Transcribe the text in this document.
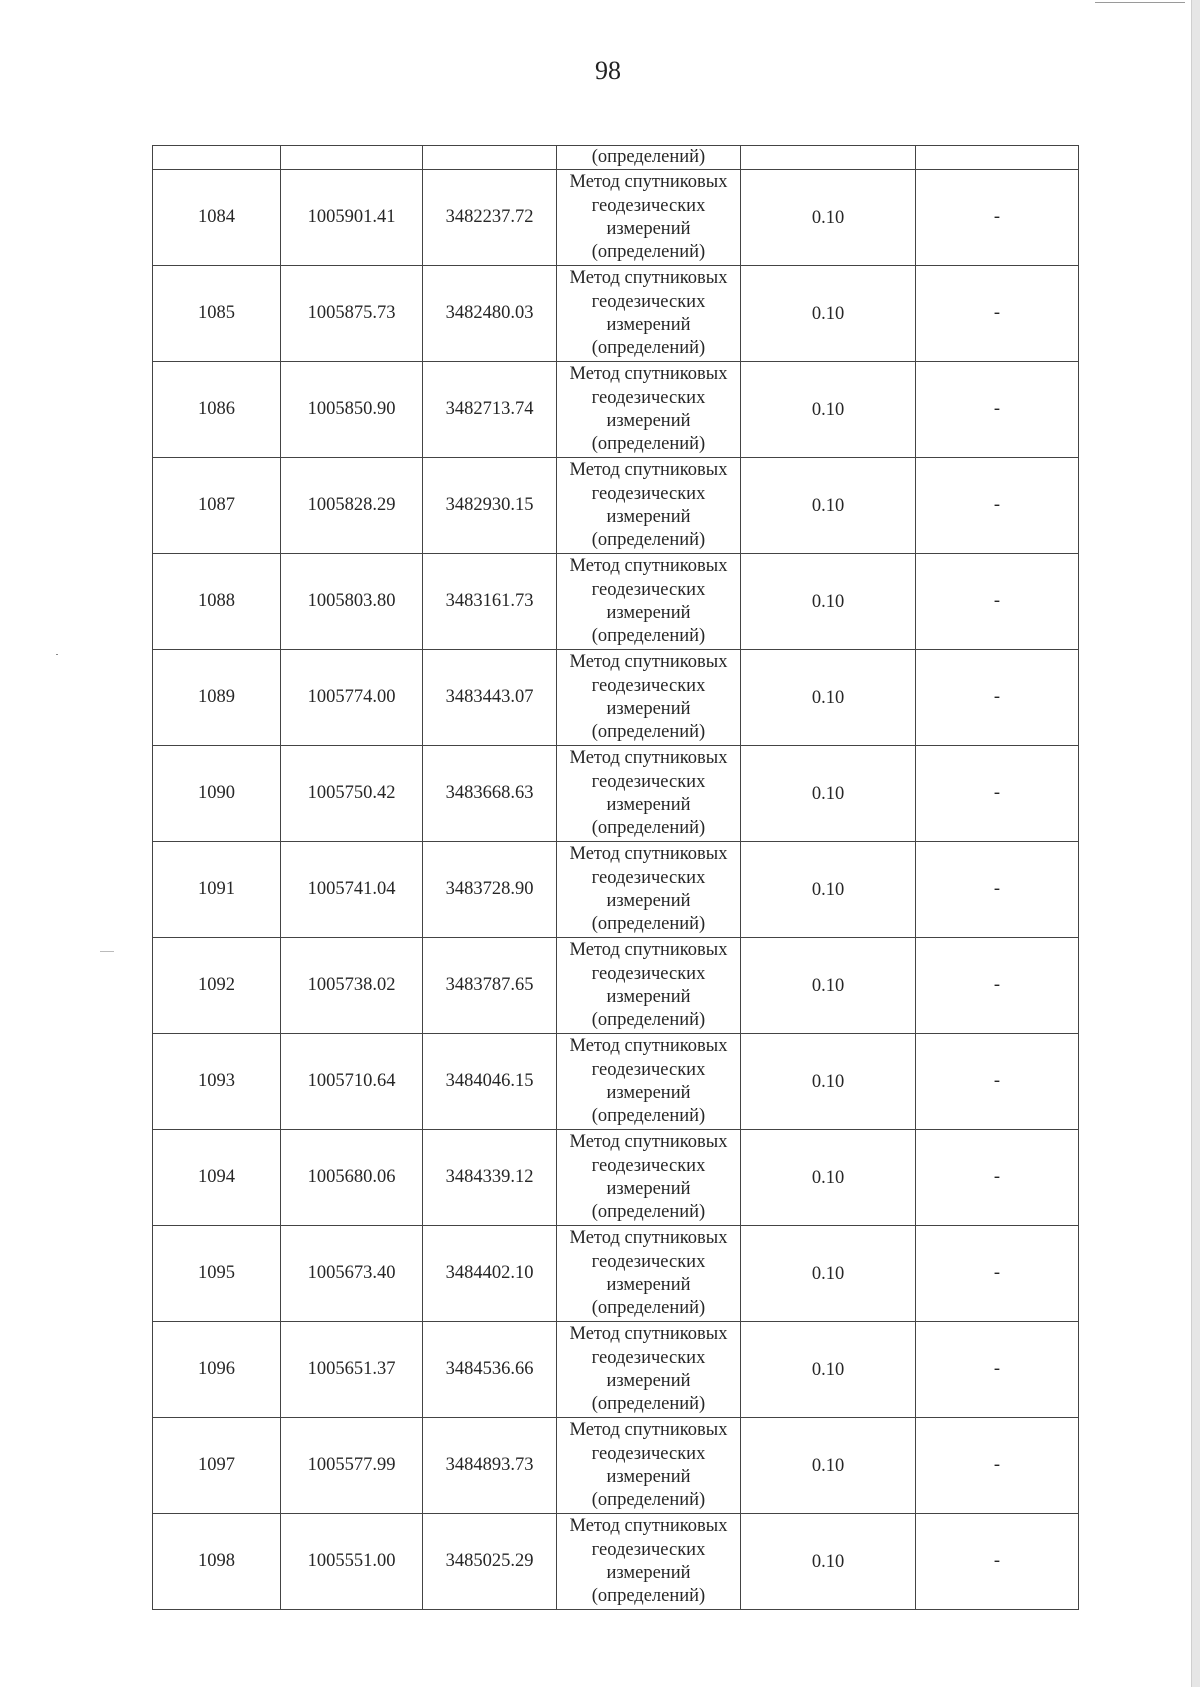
98
			(определений)		
1084	1005901.41	3482237.72	Метод спутниковых
геодезических
измерений
(определений)	0.10	-
1085	1005875.73	3482480.03	Метод спутниковых
геодезических
измерений
(определений)	0.10	-
1086	1005850.90	3482713.74	Метод спутниковых
геодезических
измерений
(определений)	0.10	-
1087	1005828.29	3482930.15	Метод спутниковых
геодезических
измерений
(определений)	0.10	-
1088	1005803.80	3483161.73	Метод спутниковых
геодезических
измерений
(определений)	0.10	-
1089	1005774.00	3483443.07	Метод спутниковых
геодезических
измерений
(определений)	0.10	-
1090	1005750.42	3483668.63	Метод спутниковых
геодезических
измерений
(определений)	0.10	-
1091	1005741.04	3483728.90	Метод спутниковых
геодезических
измерений
(определений)	0.10	-
1092	1005738.02	3483787.65	Метод спутниковых
геодезических
измерений
(определений)	0.10	-
1093	1005710.64	3484046.15	Метод спутниковых
геодезических
измерений
(определений)	0.10	-
1094	1005680.06	3484339.12	Метод спутниковых
геодезических
измерений
(определений)	0.10	-
1095	1005673.40	3484402.10	Метод спутниковых
геодезических
измерений
(определений)	0.10	-
1096	1005651.37	3484536.66	Метод спутниковых
геодезических
измерений
(определений)	0.10	-
1097	1005577.99	3484893.73	Метод спутниковых
геодезических
измерений
(определений)	0.10	-
1098	1005551.00	3485025.29	Метод спутниковых
геодезических
измерений
(определений)	0.10	-
